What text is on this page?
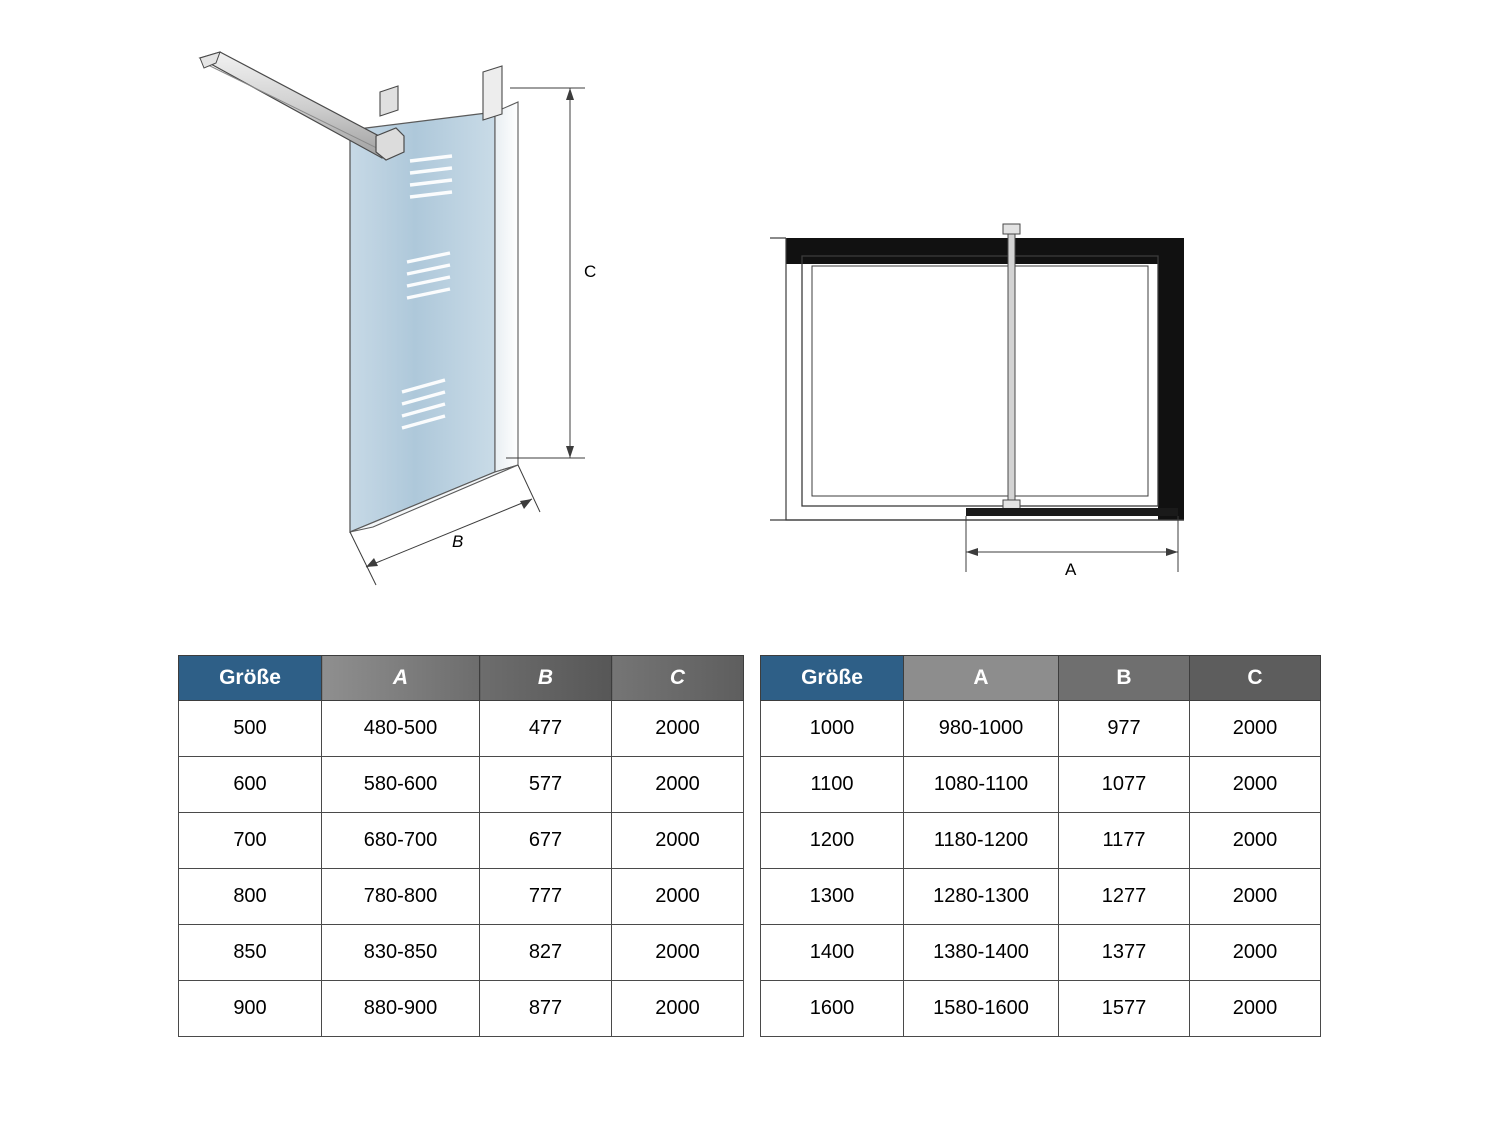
C
B
A
Größe	A	B	C
500	480-500	477	2000
600	580-600	577	2000
700	680-700	677	2000
800	780-800	777	2000
850	830-850	827	2000
900	880-900	877	2000
Größe	A	B	C
1000	980-1000	977	2000
1100	1080-1100	1077	2000
1200	1180-1200	1177	2000
1300	1280-1300	1277	2000
1400	1380-1400	1377	2000
1600	1580-1600	1577	2000
